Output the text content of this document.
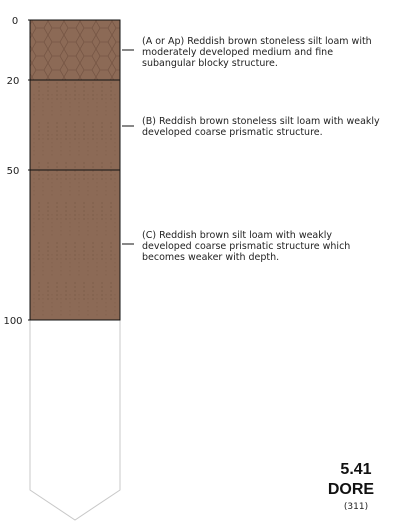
0
20
50
100
(A or Ap) Reddish brown stoneless silt loam with moderately developed medium and fine subangular blocky structure.
(B) Reddish brown stoneless silt loam with weakly developed coarse prismatic structure.
(C) Reddish brown silt loam with weakly developed coarse prismatic structure which becomes weaker with depth.
5.41
DORE
(311)
